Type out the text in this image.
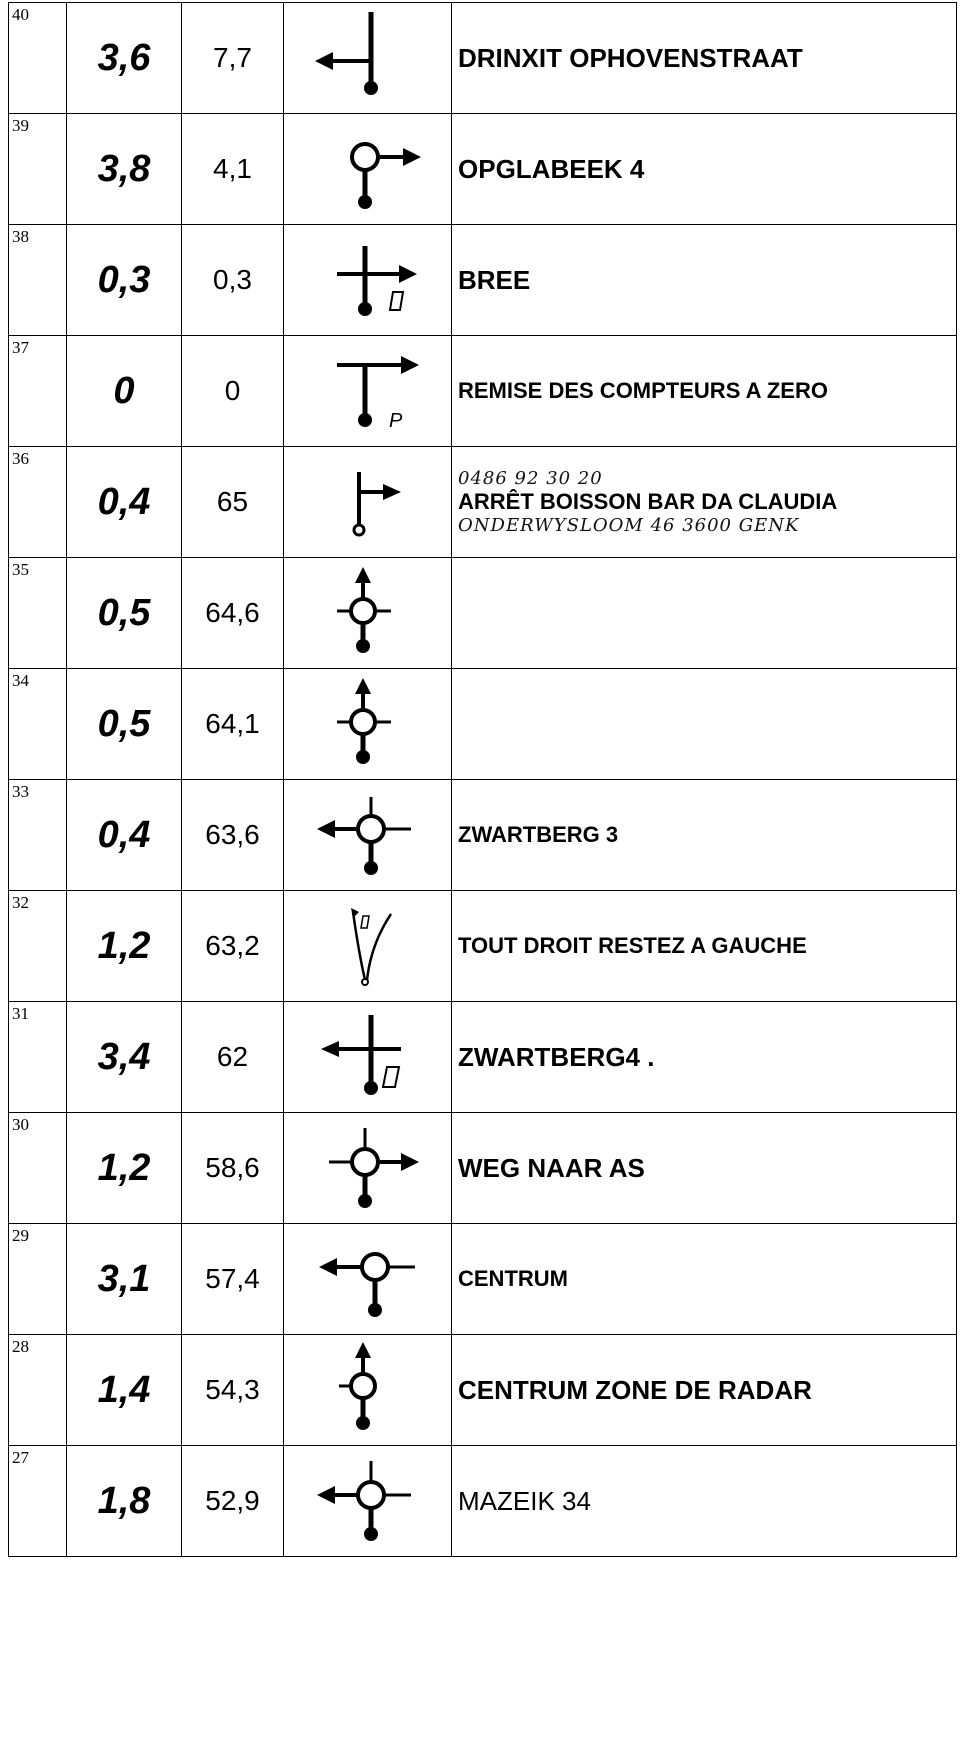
40	3,6	7,7		DRINXIT OPHOVENSTRAAT

39	3,8	4,1		OPGLABEEK 4

38	0,3	0,3		BREE

37	0	0	P	REMISE DES COMPTEURS A ZERO

36	0,4	65		0486 92 30 20
ARRÊT BOISSON BAR DA CLAUDIA
ONDERWYSLOOM 46 3600 GENK

35	0,5	64,6	

34	0,5	64,1	

33	0,4	63,6		ZWARTBERG 3

32	1,2	63,2		TOUT DROIT RESTEZ A GAUCHE

31	3,4	62		ZWARTBERG4 .

30	1,2	58,6		WEG NAAR AS

29	3,1	57,4		CENTRUM

28	1,4	54,3		CENTRUM ZONE DE RADAR

27	1,8	52,9		MAZEIK 34
